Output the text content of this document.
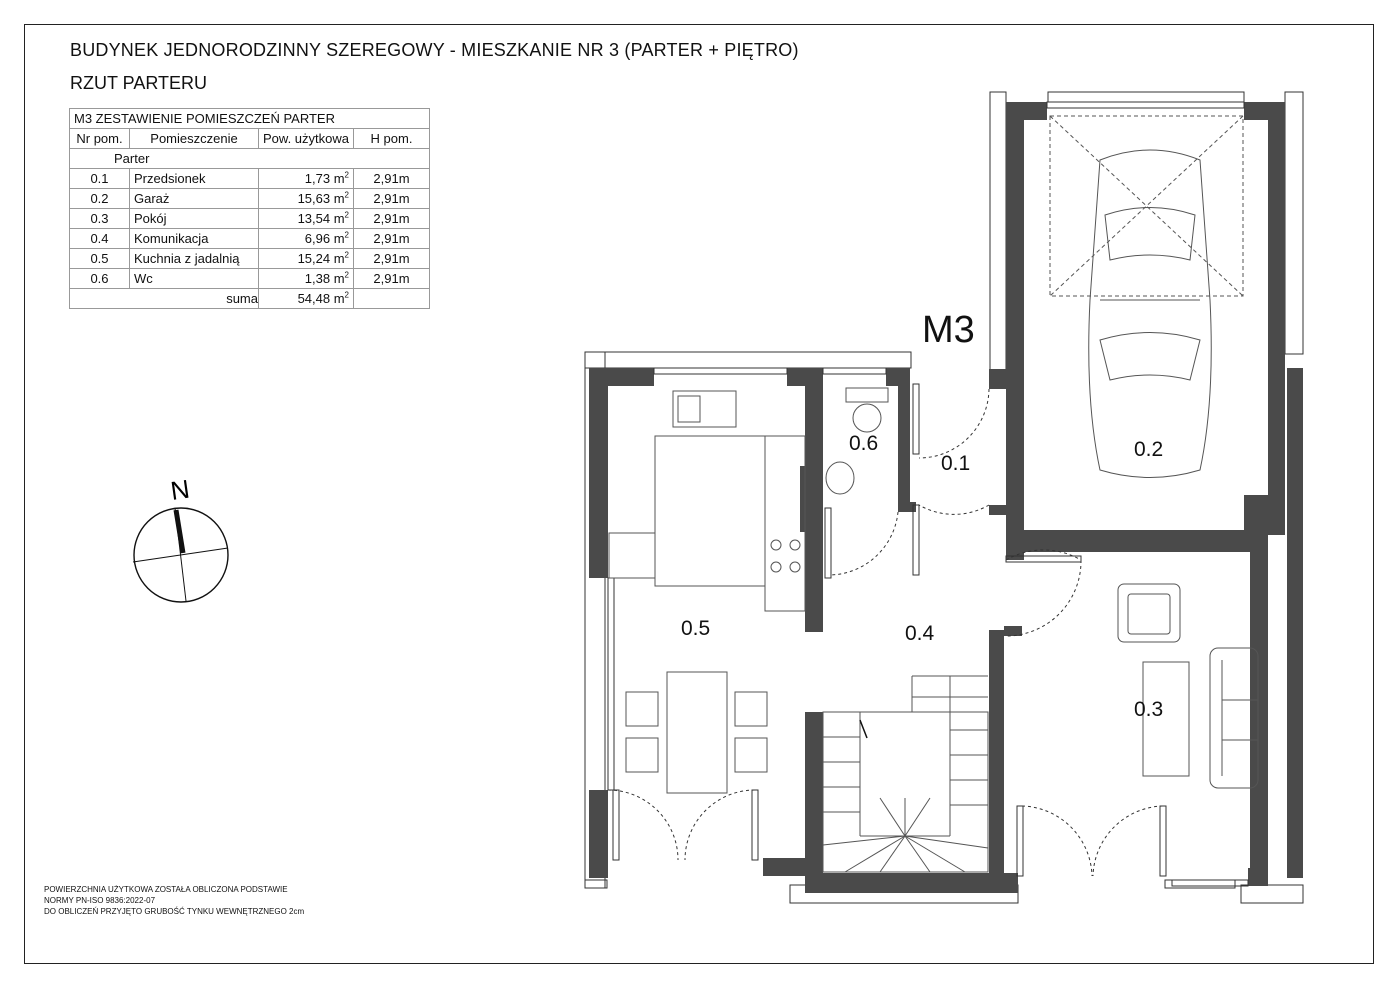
BUDYNEK JEDNORODZINNY SZEREGOWY - MIESZKANIE NR 3 (PARTER + PIĘTRO)
RZUT PARTERU
M3 ZESTAWIENIE POMIESZCZEŃ PARTER			
Nr pom.	Pomieszczenie	Pow. użytkowa	H pom.
Parter			
0.1	Przedsionek	1,73 $m^2$	2,91m
0.2	Garaż	15,63 $m^2$	2,91m
0.3	Pokój	13,54 $m^2$	2,91m
0.4	Komunikacja	6,96 $m^2$	2,91m
0.5	Kuchnia z jadalnią	15,24 $m^2$	2,91m
0.6	Wc	1,38 $m^2$	2,91m
suma		54,48 $m^2$	
N
M3
0.1
0.2
0.3
0.4
0.5
0.6
POWIERZCHNIA UŻYTKOWA ZOSTAŁA OBLICZONA PODSTAWIE
NORMY PN-ISO 9836:2022-07
DO OBLICZEŃ PRZYJĘTO GRUBOŚĆ TYNKU WEWNĘTRZNEGO 2cm
